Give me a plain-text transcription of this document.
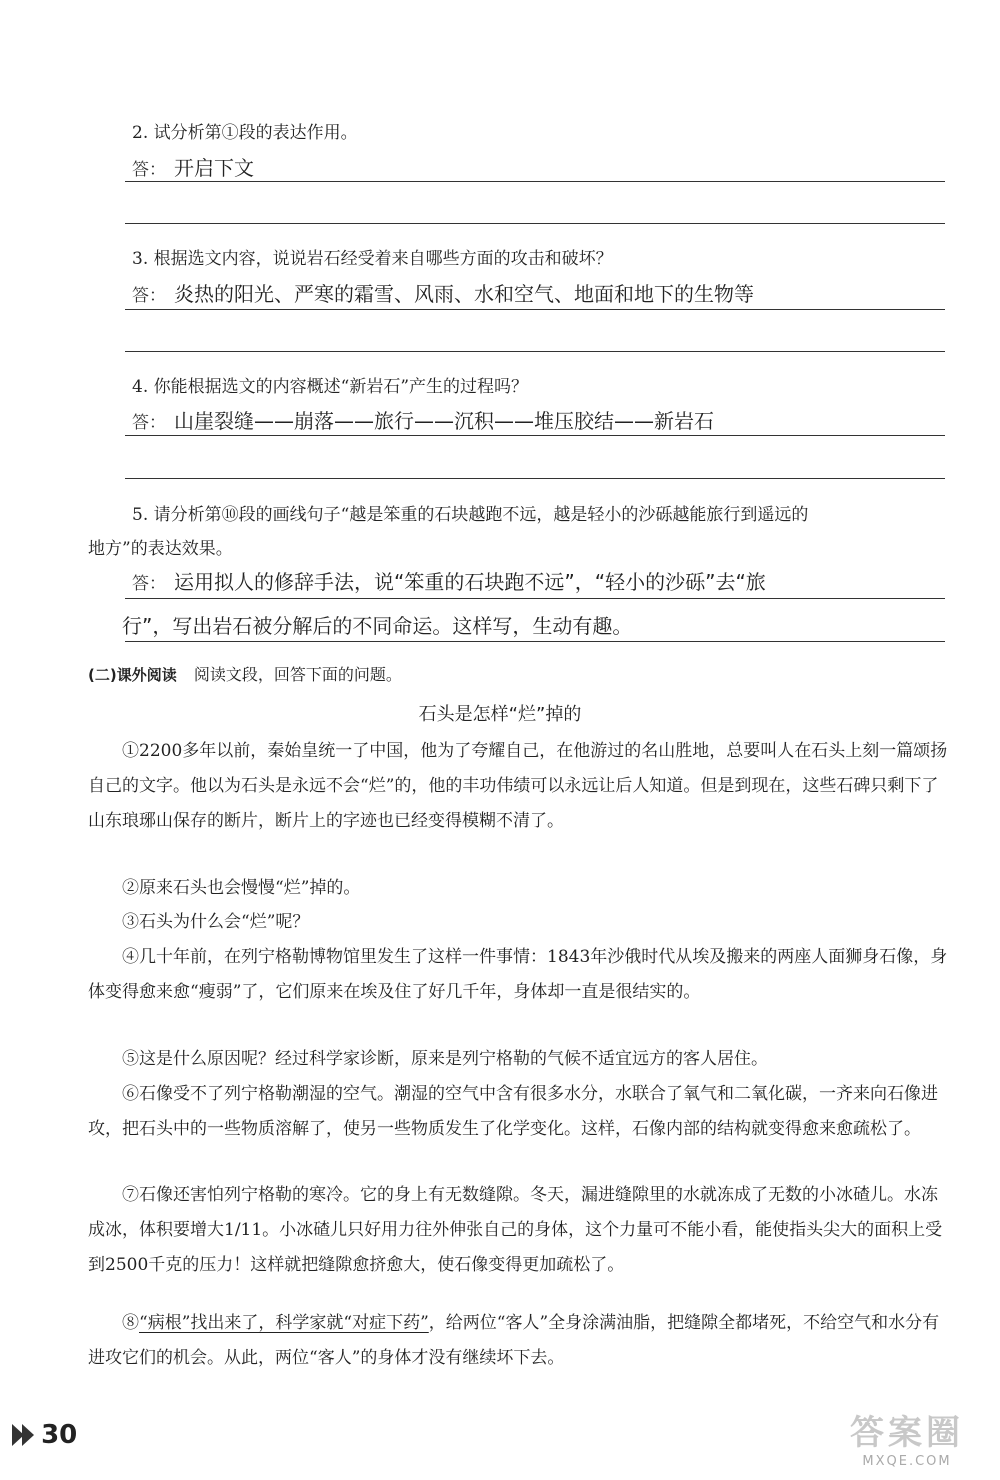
2. 试分析第①段的表达作用。
答： 开启下文
3. 根据选文内容，说说岩石经受着来自哪些方面的攻击和破坏？
答： 炎热的阳光、严寒的霜雪、风雨、水和空气、地面和地下的生物等
4. 你能根据选文的内容概述“新岩石”产生的过程吗？
答： 山崖裂缝——崩落——旅行——沉积——堆压胶结——新岩石
5. 请分析第⑩段的画线句子“越是笨重的石块越跑不远，越是轻小的沙砾越能旅行到遥远的
地方”的表达效果。
答： 运用拟人的修辞手法，说“笨重的石块跑不远”，“轻小的沙砾”去“旅
行”，写出岩石被分解后的不同命运。这样写，生动有趣。
(二)课外阅读 阅读文段，回答下面的问题。
石头是怎样“烂”掉的
①2200多年以前，秦始皇统一了中国，他为了夸耀自己，在他游过的名山胜地，总要叫人在石头上刻一篇颂扬自己的文字。他以为石头是永远不会“烂”的，他的丰功伟绩可以永远让后人知道。但是到现在，这些石碑只剩下了山东琅琊山保存的断片，断片上的字迹也已经变得模糊不清了。
②原来石头也会慢慢“烂”掉的。
③石头为什么会“烂”呢？
④几十年前，在列宁格勒博物馆里发生了这样一件事情：1843年沙俄时代从埃及搬来的两座人面狮身石像，身体变得愈来愈“瘦弱”了，它们原来在埃及住了好几千年，身体却一直是很结实的。
⑤这是什么原因呢？经过科学家诊断，原来是列宁格勒的气候不适宜远方的客人居住。
⑥石像受不了列宁格勒潮湿的空气。潮湿的空气中含有很多水分，水联合了氧气和二氧化碳，一齐来向石像进攻，把石头中的一些物质溶解了，使另一些物质发生了化学变化。这样，石像内部的结构就变得愈来愈疏松了。
⑦石像还害怕列宁格勒的寒冷。它的身上有无数缝隙。冬天，漏进缝隙里的水就冻成了无数的小冰碴儿。水冻成冰，体积要增大1/11。小冰碴儿只好用力往外伸张自己的身体，这个力量可不能小看，能使指头尖大的面积上受到2500千克的压力！这样就把缝隙愈挤愈大，使石像变得更加疏松了。
⑧“病根”找出来了，科学家就“对症下药”，给两位“客人”全身涂满油脂，把缝隙全都堵死，不给空气和水分有进攻它们的机会。从此，两位“客人”的身体才没有继续坏下去。
30	答案圈
MXQE.COM
